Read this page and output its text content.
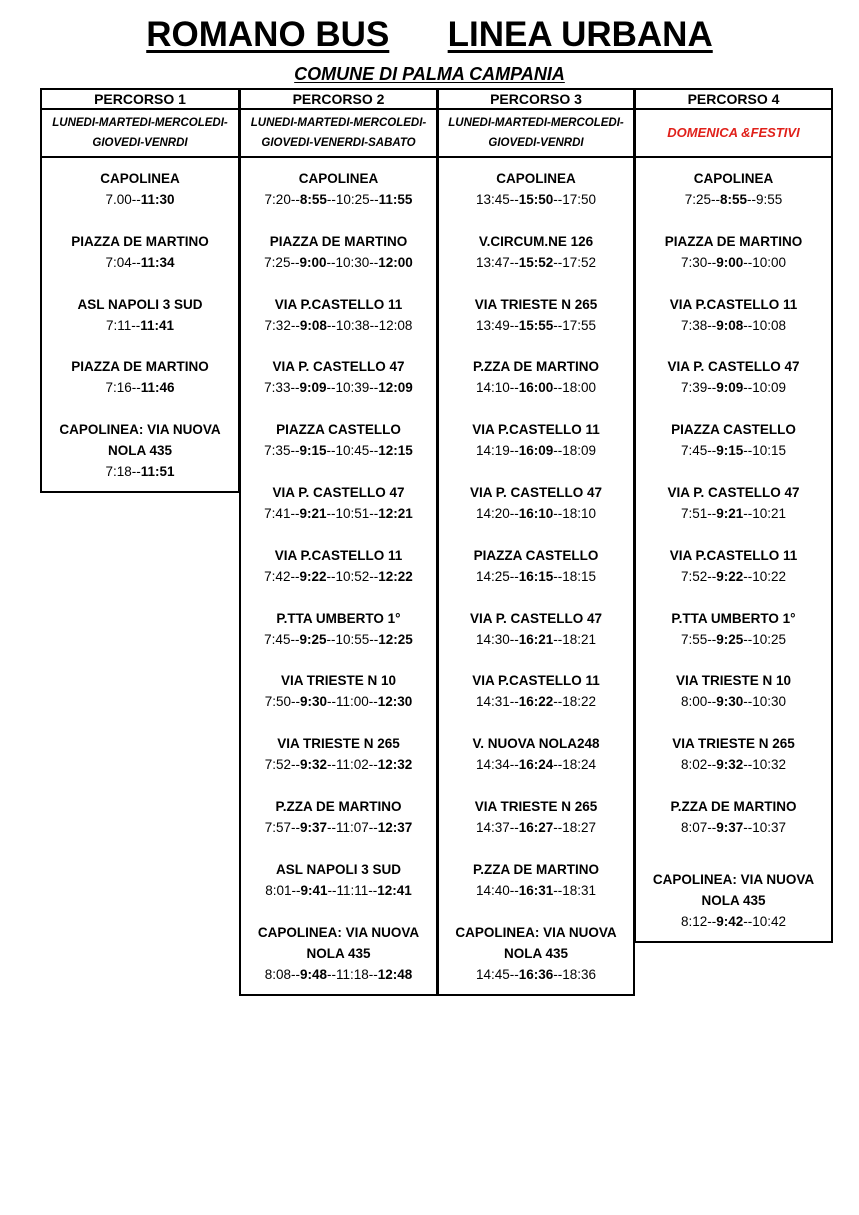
ROMANO BUS LINEA URBANA
COMUNE DI PALMA CAMPANIA
PERCORSO 1
LUNEDI-MARTEDI-MERCOLEDI-
GIOVEDI-VENRDI
CAPOLINEA
7.00--11:30
PIAZZA DE MARTINO
7:04--11:34
ASL NAPOLI 3 SUD
7:11--11:41
PIAZZA DE MARTINO
7:16--11:46
CAPOLINEA: VIA NUOVA
NOLA 435
7:18--11:51
PERCORSO 2
LUNEDI-MARTEDI-MERCOLEDI-
GIOVEDI-VENERDI-SABATO
CAPOLINEA
7:20--8:55--10:25--11:55
PIAZZA DE MARTINO
7:25--9:00--10:30--12:00
VIA P.CASTELLO 11
7:32--9:08--10:38--12:08
VIA P. CASTELLO 47
7:33--9:09--10:39--12:09
PIAZZA CASTELLO
7:35--9:15--10:45--12:15
VIA P. CASTELLO 47
7:41--9:21--10:51--12:21
VIA P.CASTELLO 11
7:42--9:22--10:52--12:22
P.TTA UMBERTO 1°
7:45--9:25--10:55--12:25
VIA TRIESTE N 10
7:50--9:30--11:00--12:30
VIA TRIESTE N 265
7:52--9:32--11:02--12:32
P.ZZA DE MARTINO
7:57--9:37--11:07--12:37
ASL NAPOLI 3 SUD
8:01--9:41--11:11--12:41
CAPOLINEA: VIA NUOVA
NOLA 435
8:08--9:48--11:18--12:48
PERCORSO 3
LUNEDI-MARTEDI-MERCOLEDI-
GIOVEDI-VENRDI
CAPOLINEA
13:45--15:50--17:50
V.CIRCUM.NE 126
13:47--15:52--17:52
VIA TRIESTE N 265
13:49--15:55--17:55
P.ZZA DE MARTINO
14:10--16:00--18:00
VIA P.CASTELLO 11
14:19--16:09--18:09
VIA P. CASTELLO 47
14:20--16:10--18:10
PIAZZA CASTELLO
14:25--16:15--18:15
VIA P. CASTELLO 47
14:30--16:21--18:21
VIA P.CASTELLO 11
14:31--16:22--18:22
V. NUOVA NOLA248
14:34--16:24--18:24
VIA TRIESTE N 265
14:37--16:27--18:27
P.ZZA DE MARTINO
14:40--16:31--18:31
CAPOLINEA: VIA NUOVA
NOLA 435
14:45--16:36--18:36
PERCORSO 4
DOMENICA &FESTIVI
CAPOLINEA
7:25--8:55--9:55
PIAZZA DE MARTINO
7:30--9:00--10:00
VIA P.CASTELLO 11
7:38--9:08--10:08
VIA P. CASTELLO 47
7:39--9:09--10:09
PIAZZA CASTELLO
7:45--9:15--10:15
VIA P. CASTELLO 47
7:51--9:21--10:21
VIA P.CASTELLO 11
7:52--9:22--10:22
P.TTA UMBERTO 1°
7:55--9:25--10:25
VIA TRIESTE N 10
8:00--9:30--10:30
VIA TRIESTE N 265
8:02--9:32--10:32
P.ZZA DE MARTINO
8:07--9:37--10:37
CAPOLINEA: VIA NUOVA
NOLA 435
8:12--9:42--10:42
